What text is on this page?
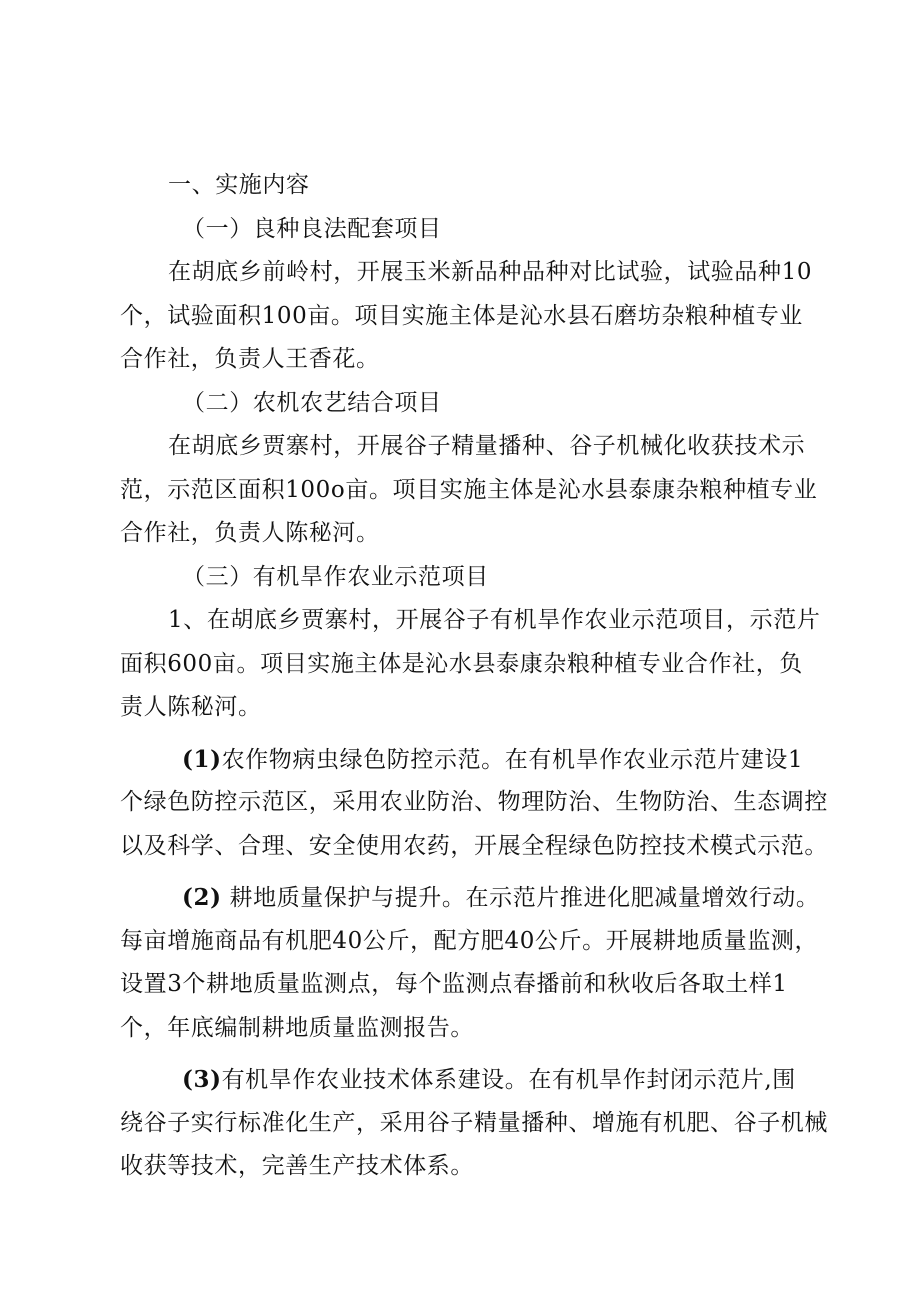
一、实施内容
（一）良种良法配套项目
在胡底乡前岭村，开展玉米新品种品种对比试验，试验品种10
个，试验面积100亩。项目实施主体是沁水县石磨坊杂粮种植专业
合作社，负责人王香花。
（二）农机农艺结合项目
在胡底乡贾寨村，开展谷子精量播种、谷子机械化收获技术示
范，示范区面积100o亩。项目实施主体是沁水县泰康杂粮种植专业
合作社，负责人陈秘河。
（三）有机旱作农业示范项目
1、在胡底乡贾寨村，开展谷子有机旱作农业示范项目，示范片
面积600亩。项目实施主体是沁水县泰康杂粮种植专业合作社，负
责人陈秘河。
(1)农作物病虫绿色防控示范。在有机旱作农业示范片建设1
个绿色防控示范区，采用农业防治、物理防治、生物防治、生态调控
以及科学、合理、安全使用农药，开展全程绿色防控技术模式示范。
(2) 耕地质量保护与提升。在示范片推进化肥减量增效行动。
每亩增施商品有机肥40公斤，配方肥40公斤。开展耕地质量监测，
设置3个耕地质量监测点，每个监测点春播前和秋收后各取土样1
个，年底编制耕地质量监测报告。
(3)有机旱作农业技术体系建设。在有机旱作封闭示范片,围
绕谷子实行标准化生产，采用谷子精量播种、增施有机肥、谷子机械
收获等技术，完善生产技术体系。
